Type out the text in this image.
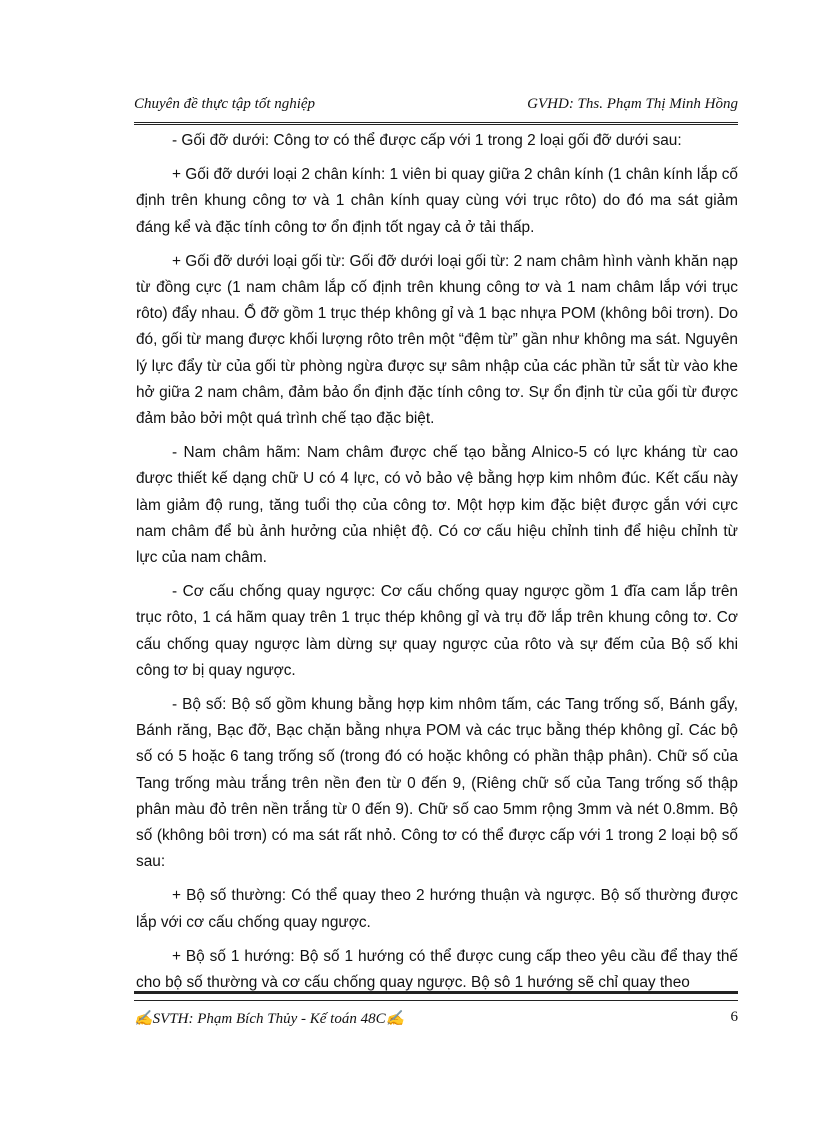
Chuyên đề thực tập tốt nghiệp	GVHD: Ths. Phạm Thị Minh Hồng

- Gối đỡ dưới: Công tơ có thể được cấp với 1 trong 2 loại gối đỡ dưới sau:

+ Gối đỡ dưới loại 2 chân kính: 1 viên bi quay giữa 2 chân kính (1 chân kính lắp cố định trên khung công tơ và 1 chân kính quay cùng với trục rôto) do đó ma sát giảm đáng kể và đặc tính công tơ ổn định tốt ngay cả ở tải thấp.

+ Gối đỡ dưới loại gối từ: Gối đỡ dưới loại gối từ: 2 nam châm hình vành khăn nạp từ đồng cực (1 nam châm lắp cố định trên khung công tơ và 1 nam châm lắp với trục rôto) đẩy nhau. Ổ đỡ gồm 1 trục thép không gỉ và 1 bạc nhựa POM (không bôi trơn). Do đó, gối từ mang được khối lượng rôto trên một “đệm từ” gần như không ma sát. Nguyên lý lực đẩy từ của gối từ phòng ngừa được sự sâm nhập của các phần tử sắt từ vào khe hở giữa 2 nam châm, đảm bảo ổn định đặc tính công tơ. Sự ổn định từ của gối từ được đảm bảo bởi một quá trình chế tạo đặc biệt.

- Nam châm hãm: Nam châm được chế tạo bằng Alnico-5 có lực kháng từ cao được thiết kế dạng chữ U có 4 lực, có vỏ bảo vệ bằng hợp kim nhôm đúc. Kết cấu này làm giảm độ rung, tăng tuổi thọ của công tơ. Một hợp kim đặc biệt được gắn với cực nam châm để bù ảnh hưởng của nhiệt độ. Có cơ cấu hiệu chỉnh tinh để hiệu chỉnh từ lực của nam châm.

- Cơ cấu chống quay ngược: Cơ cấu chống quay ngược gồm 1 đĩa cam lắp trên trục rôto, 1 cá hãm quay trên 1 trục thép không gỉ và trụ đỡ lắp trên khung công tơ. Cơ cấu chống quay ngược làm dừng sự quay ngược của rôto và sự đếm của Bộ số khi công tơ bị quay ngược.

- Bộ số: Bộ số gồm khung bằng hợp kim nhôm tấm, các Tang trống số, Bánh gẩy, Bánh răng, Bạc đỡ, Bạc chặn bằng nhựa POM và các trục bằng thép không gỉ. Các bộ số có 5 hoặc 6 tang trống số (trong đó có hoặc không có phần thập phân). Chữ số của Tang trống màu trắng trên nền đen từ 0 đến 9, (Riêng chữ số của Tang trống số thập phân màu đỏ trên nền trắng từ 0 đến 9). Chữ số cao 5mm rộng 3mm và nét 0.8mm. Bộ số (không bôi trơn) có ma sát rất nhỏ. Công tơ có thể được cấp với 1 trong 2 loại bộ số sau:

+ Bộ số thường: Có thể quay theo 2 hướng thuận và ngược. Bộ số thường được lắp với cơ cấu chống quay ngược.

+ Bộ số 1 hướng: Bộ số 1 hướng có thể được cung cấp theo yêu cầu để thay thế cho bộ số thường và cơ cấu chống quay ngược. Bộ sô 1 hướng sẽ chỉ quay theo

✍SVTH: Phạm Bích Thủy - Kế toán 48C✍	6
